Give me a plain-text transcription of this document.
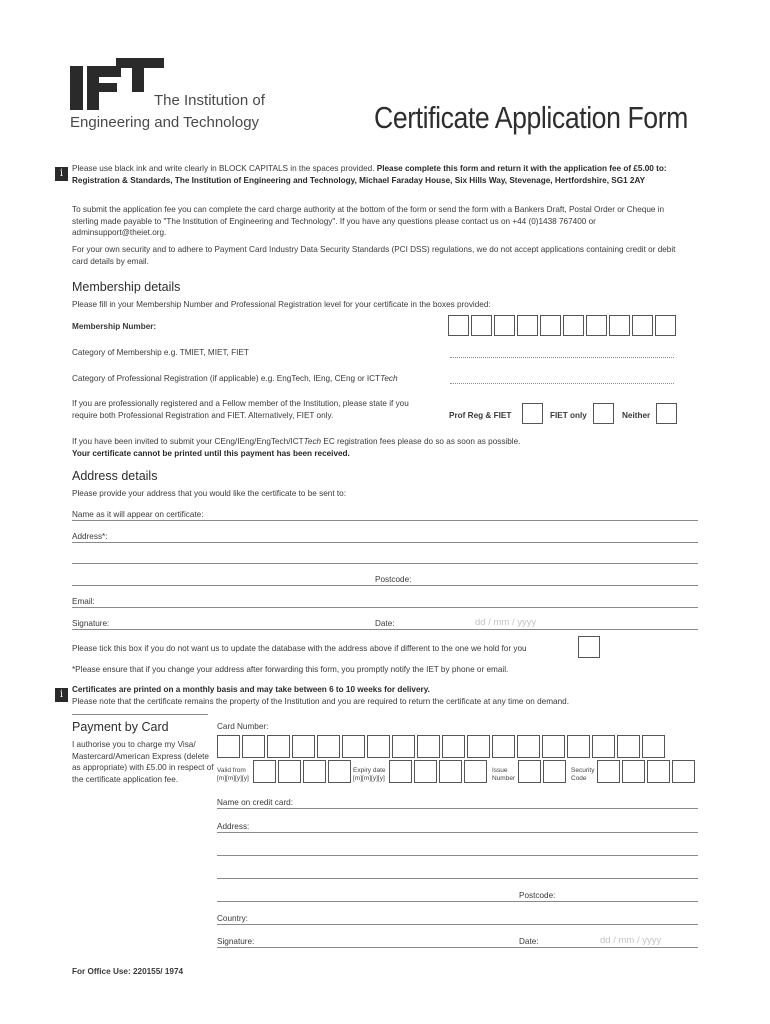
The Institution of
Engineering and Technology	Certificate Application Form
i	Please use black ink and write clearly in BLOCK CAPITALS in the spaces provided. Please complete this form and return it with the application fee of £5.00 to: Registration & Standards, The Institution of Engineering and Technology, Michael Faraday House, Six Hills Way, Stevenage, Hertfordshire, SG1 2AY
To submit the application fee you can complete the card charge authority at the bottom of the form or send the form with a Bankers Draft, Postal Order or Cheque in sterling made payable to "The Institution of Engineering and Technology". If you have any questions please contact us on +44 (0)1438 767400 or adminsupport@theiet.org.
For your own security and to adhere to Payment Card Industry Data Security Standards (PCI DSS) regulations, we do not accept applications containing credit or debit card details by email.
Membership details
Please fill in your Membership Number and Professional Registration level for your certificate in the boxes provided:
Membership Number:
Category of Membership e.g. TMIET, MIET, FIET
Category of Professional Registration (if applicable) e.g. EngTech, IEng, CEng or ICTTech
If you are professionally registered and a Fellow member of the Institution, please state if you require both Professional Registration and FIET. Alternatively, FIET only.	Prof Reg & FIET	FIET only	Neither
If you have been invited to submit your CEng/IEng/EngTech/ICTTech EC registration fees please do so as soon as possible.
Your certificate cannot be printed until this payment has been received.
Address details
Please provide your address that you would like the certificate to be sent to:
Name as it will appear on certificate:
Address*:
Postcode:
Email:
Signature:	Date:	dd / mm / yyyy
Please tick this box if you do not want us to update the database with the address above if different to the one we hold for you
*Please ensure that if you change your address after forwarding this form, you promptly notify the IET by phone or email.
i	Certificates are printed on a monthly basis and may take between 6 to 10 weeks for delivery.
Please note that the certificate remains the property of the Institution and you are required to return the certificate at any time on demand.
Payment by Card
I authorise you to charge my Visa/ Mastercard/American Express (delete as appropriate) with £5.00 in respect of the certificate application fee.
Card Number:
Valid from [m][m][y][y]
Expiry date [m][m][y][y]
Issue Number
Security Code
Name on credit card:
Address:
Postcode:
Country:
Signature:	Date:	dd / mm / yyyy
For Office Use: 220155/ 1974
